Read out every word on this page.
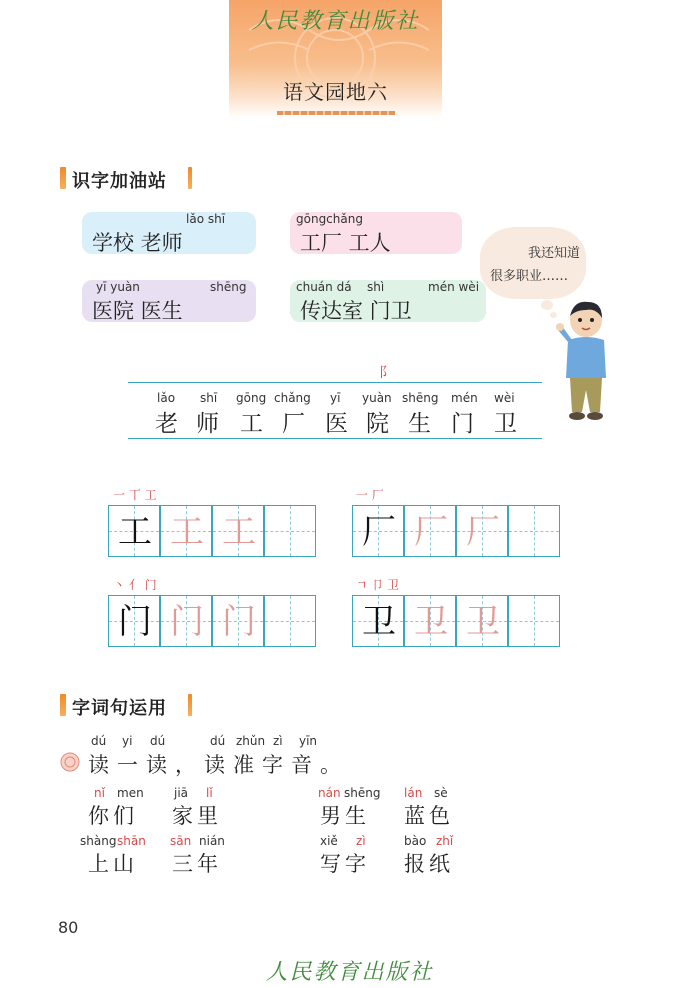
人民教育出版社
语文园地六
识字加油站
lǎo shī
学校 老师
gōngchǎng
工厂 工人
yī yuàn	shēng
医院 医生
chuán dá shì	mén wèi
传达室 门卫
我还知道
很多职业……
⻏
lǎo shī gōng chǎng yī yuàn shēng mén wèi
老 师 工 厂 医 院 生 门 卫
一 丅 工
工 工 工
一 厂
厂 厂 厂
丶 亻 门
门 门 门
ㄱ 卩 卫
卫 卫 卫
字词句运用
dú yi dú	dú zhǔn zì yīn
读一读，读准字音。
nǐ men	jiā lǐ
你们 家里
nán shēng lán sè
男生 蓝色
shàng shān sān nián
上山 三年
xiě zì	bào zhǐ
写字 报纸
80
人民教育出版社
